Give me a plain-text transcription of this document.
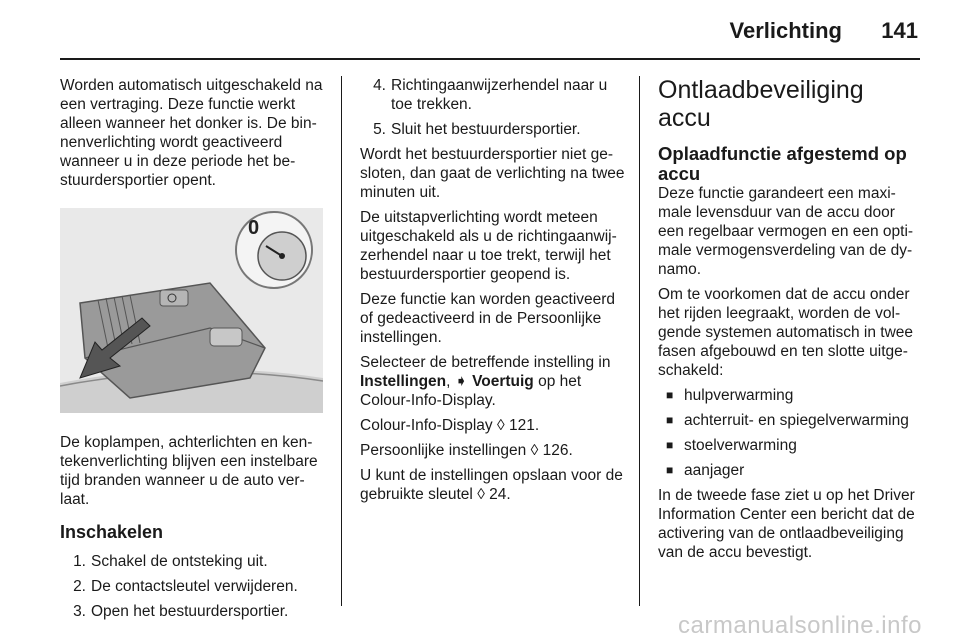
Verlichting 141

Worden automatisch uitgeschakeld na een vertraging. Deze functie werkt alleen wanneer het donker is. De bin-nenverlichting wordt geactiveerd wanneer u in deze periode het be-stuurdersportier opent.

0

De koplampen, achterlichten en ken-tekenverlichting blijven een instelbare tijd branden wanneer u de auto ver-laat.

Inschakelen
1. Schakel de ontsteking uit.
2. De contactsleutel verwijderen.
3. Open het bestuurdersportier.
4. Richtingaanwijzerhendel naar u toe trekken.
5. Sluit het bestuurdersportier.

Wordt het bestuurdersportier niet ge-sloten, dan gaat de verlichting na twee minuten uit.

De uitstapverlichting wordt meteen uitgeschakeld als u de richtingaanwij-zerhendel naar u toe trekt, terwijl het bestuurdersportier geopend is.

Deze functie kan worden geactiveerd of gedeactiveerd in de Persoonlijke instellingen.

Selecteer de betreffende instelling in Instellingen, ➧ Voertuig op het Colour-Info-Display.

Colour-Info-Display ◊ 121.

Persoonlijke instellingen ◊ 126.

U kunt de instellingen opslaan voor de gebruikte sleutel ◊ 24.

Ontlaadbeveiliging accu
Oplaadfunctie afgestemd op accu

Deze functie garandeert een maxi-male levensduur van de accu door een regelbaar vermogen en een opti-male vermogensverdeling van de dy-namo.

Om te voorkomen dat de accu onder het rijden leegraakt, worden de vol-gende systemen automatisch in twee fasen afgebouwd en ten slotte uitge-schakeld:

■ hulpverwarming
■ achterruit- en spiegelverwarming
■ stoelverwarming
■ aanjager

In de tweede fase ziet u op het Driver Information Center een bericht dat de activering van de ontlaadbeveiliging van de accu bevestigt.

carmanualsonline.info
